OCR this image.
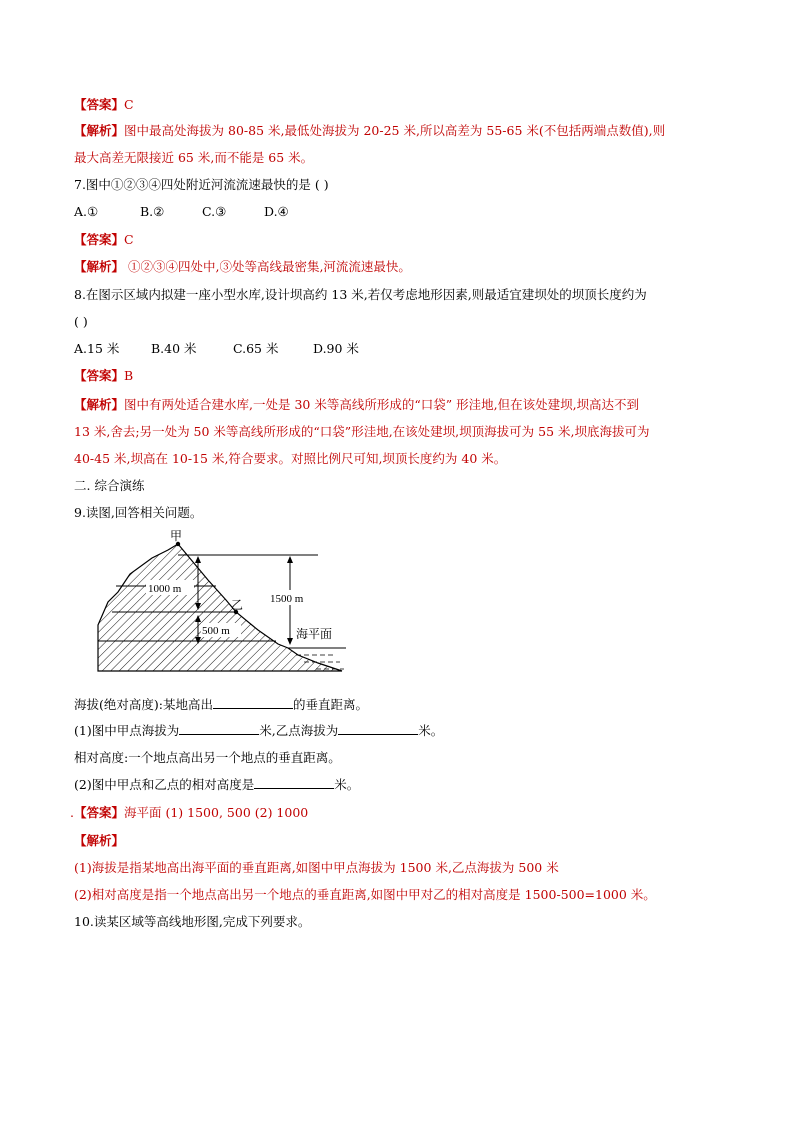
【答案】C
【解析】图中最高处海拔为 80-85 米,最低处海拔为 20-25 米,所以高差为 55-65 米(不包括两端点数值),则
最大高差无限接近 65 米,而不能是 65 米。
7.图中①②③④四处附近河流流速最快的是 ( )
A.①	B.②	C.③	D.④
【答案】C
【解析】 ①②③④四处中,③处等高线最密集,河流流速最快。
8.在图示区域内拟建一座小型水库,设计坝高约 13 米,若仅考虑地形因素,则最适宜建坝处的坝顶长度约为
( )
A.15 米	B.40 米	C.65 米	D.90 米
【答案】B
【解析】图中有两处适合建水库,一处是 30 米等高线所形成的“口袋” 形洼地,但在该处建坝,坝高达不到
13 米,舍去;另一处为 50 米等高线所形成的“口袋”形洼地,在该处建坝,坝顶海拔可为 55 米,坝底海拔可为
40-45 米,坝高在 10-15 米,符合要求。对照比例尺可知,坝顶长度约为 40 米。
二. 综合演练
9.读图,回答相关问题。
1000 m
1500 m
500 m
甲
乙
海平面
海拔(绝对高度):某地高出	的垂直距离。
(1)图中甲点海拔为	米,乙点海拔为	米。
相对高度:一个地点高出另一个地点的垂直距离。
(2)图中甲点和乙点的相对高度是	米。
.【答案】海平面 (1) 1500, 500 (2) 1000
【解析】
(1)海拔是指某地高出海平面的垂直距离,如图中甲点海拔为 1500 米,乙点海拔为 500 米
(2)相对高度是指一个地点高出另一个地点的垂直距离,如图中甲对乙的相对高度是 1500-500=1000 米。
10.读某区域等高线地形图,完成下列要求。
